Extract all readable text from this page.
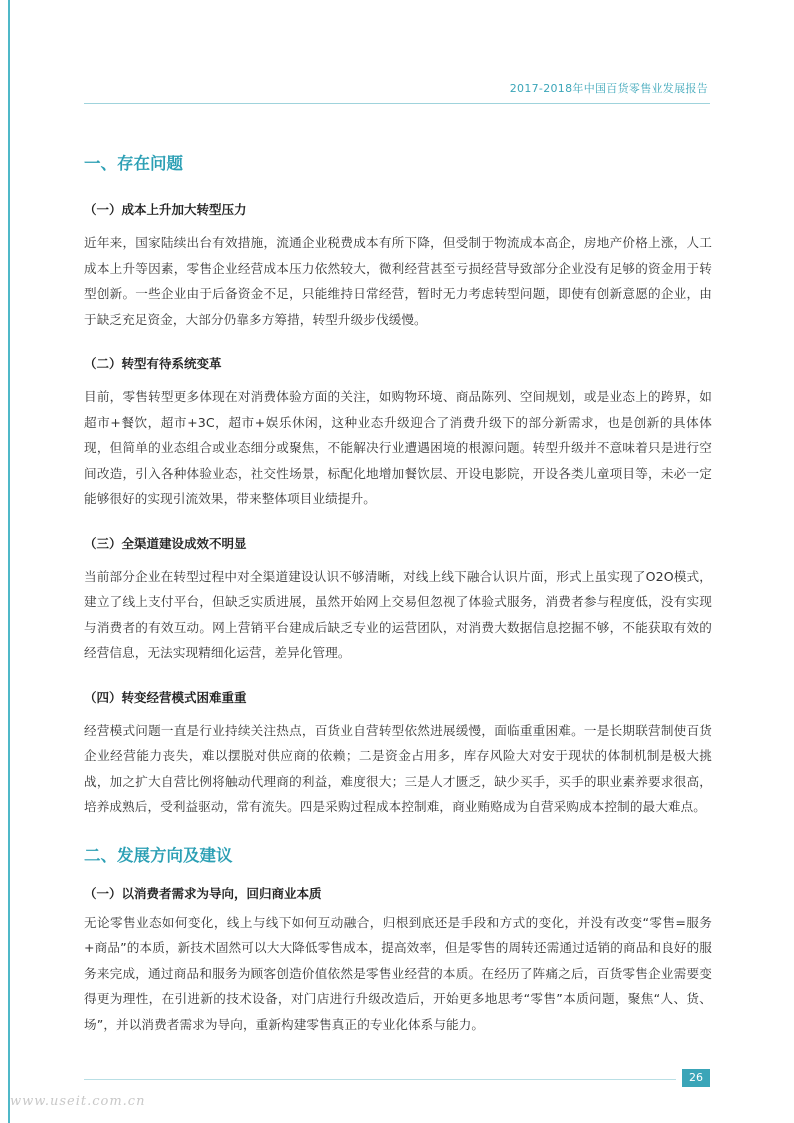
2017-2018年中国百货零售业发展报告
一、存在问题
（一）成本上升加大转型压力

近年来，国家陆续出台有效措施，流通企业税费成本有所下降，但受制于物流成本高企，房地产价格上涨，人工成本上升等因素，零售企业经营成本压力依然较大，微利经营甚至亏损经营导致部分企业没有足够的资金用于转型创新。一些企业由于后备资金不足，只能维持日常经营，暂时无力考虑转型问题，即使有创新意愿的企业，由于缺乏充足资金，大部分仍靠多方筹措，转型升级步伐缓慢。

（二）转型有待系统变革

目前，零售转型更多体现在对消费体验方面的关注，如购物环境、商品陈列、空间规划，或是业态上的跨界，如超市+餐饮，超市+3C，超市+娱乐休闲，这种业态升级迎合了消费升级下的部分新需求，也是创新的具体体现，但简单的业态组合或业态细分或聚焦，不能解决行业遭遇困境的根源问题。转型升级并不意味着只是进行空间改造，引入各种体验业态，社交性场景，标配化地增加餐饮层、开设电影院，开设各类儿童项目等，未必一定能够很好的实现引流效果，带来整体项目业绩提升。

（三）全渠道建设成效不明显

当前部分企业在转型过程中对全渠道建设认识不够清晰，对线上线下融合认识片面，形式上虽实现了O2O模式，建立了线上支付平台，但缺乏实质进展，虽然开始网上交易但忽视了体验式服务，消费者参与程度低，没有实现与消费者的有效互动。网上营销平台建成后缺乏专业的运营团队，对消费大数据信息挖掘不够，不能获取有效的经营信息，无法实现精细化运营，差异化管理。

（四）转变经营模式困难重重

经营模式问题一直是行业持续关注热点，百货业自营转型依然进展缓慢，面临重重困难。一是长期联营制使百货企业经营能力丧失，难以摆脱对供应商的依赖；二是资金占用多，库存风险大对安于现状的体制机制是极大挑战，加之扩大自营比例将触动代理商的利益，难度很大；三是人才匮乏，缺少买手，买手的职业素养要求很高，培养成熟后，受利益驱动，常有流失。四是采购过程成本控制难，商业贿赂成为自营采购成本控制的最大难点。

二、发展方向及建议
（一）以消费者需求为导向，回归商业本质

无论零售业态如何变化，线上与线下如何互动融合，归根到底还是手段和方式的变化，并没有改变“零售=服务+商品”的本质，新技术固然可以大大降低零售成本，提高效率，但是零售的周转还需通过适销的商品和良好的服务来完成，通过商品和服务为顾客创造价值依然是零售业经营的本质。在经历了阵痛之后，百货零售企业需要变得更为理性，在引进新的技术设备，对门店进行升级改造后，开始更多地思考“零售”本质问题，聚焦“人、货、场”，并以消费者需求为导向，重新构建零售真正的专业化体系与能力。

26
www.useit.com.cn
